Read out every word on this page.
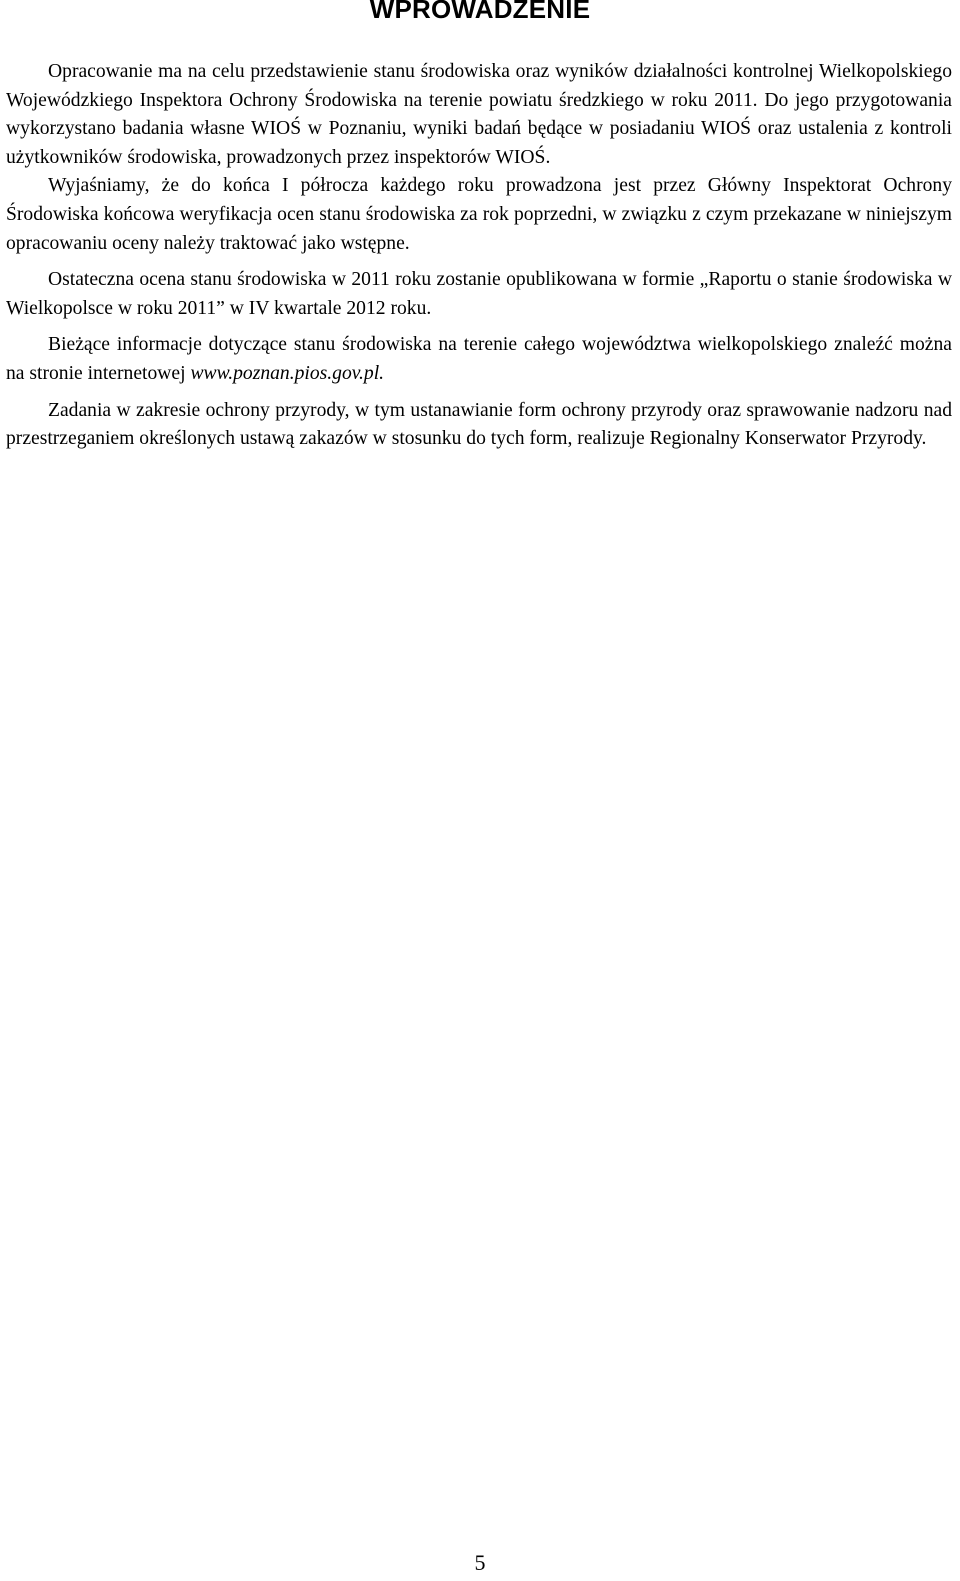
WPROWADZENIE

Opracowanie ma na celu przedstawienie stanu środowiska oraz wyników działalności kontrolnej Wielkopolskiego Wojewódzkiego Inspektora Ochrony Środowiska na terenie powiatu średzkiego w roku 2011. Do jego przygotowania wykorzystano badania własne WIOŚ w Poznaniu, wyniki badań będące w posiadaniu WIOŚ oraz ustalenia z kontroli użytkowników środowiska, prowadzonych przez inspektorów WIOŚ.

Wyjaśniamy, że do końca I półrocza każdego roku prowadzona jest przez Główny Inspektorat Ochrony Środowiska końcowa weryfikacja ocen stanu środowiska za rok poprzedni, w związku z czym przekazane w niniejszym opracowaniu oceny należy traktować jako wstępne.

Ostateczna ocena stanu środowiska w 2011 roku zostanie opublikowana w formie „Raportu o stanie środowiska w Wielkopolsce w roku 2011” w IV kwartale 2012 roku.

Bieżące informacje dotyczące stanu środowiska na terenie całego województwa wielkopolskiego znaleźć można na stronie internetowej www.poznan.pios.gov.pl.

Zadania w zakresie ochrony przyrody, w tym ustanawianie form ochrony przyrody oraz sprawowanie nadzoru nad przestrzeganiem określonych ustawą zakazów w stosunku do tych form, realizuje Regionalny Konserwator Przyrody.

5
